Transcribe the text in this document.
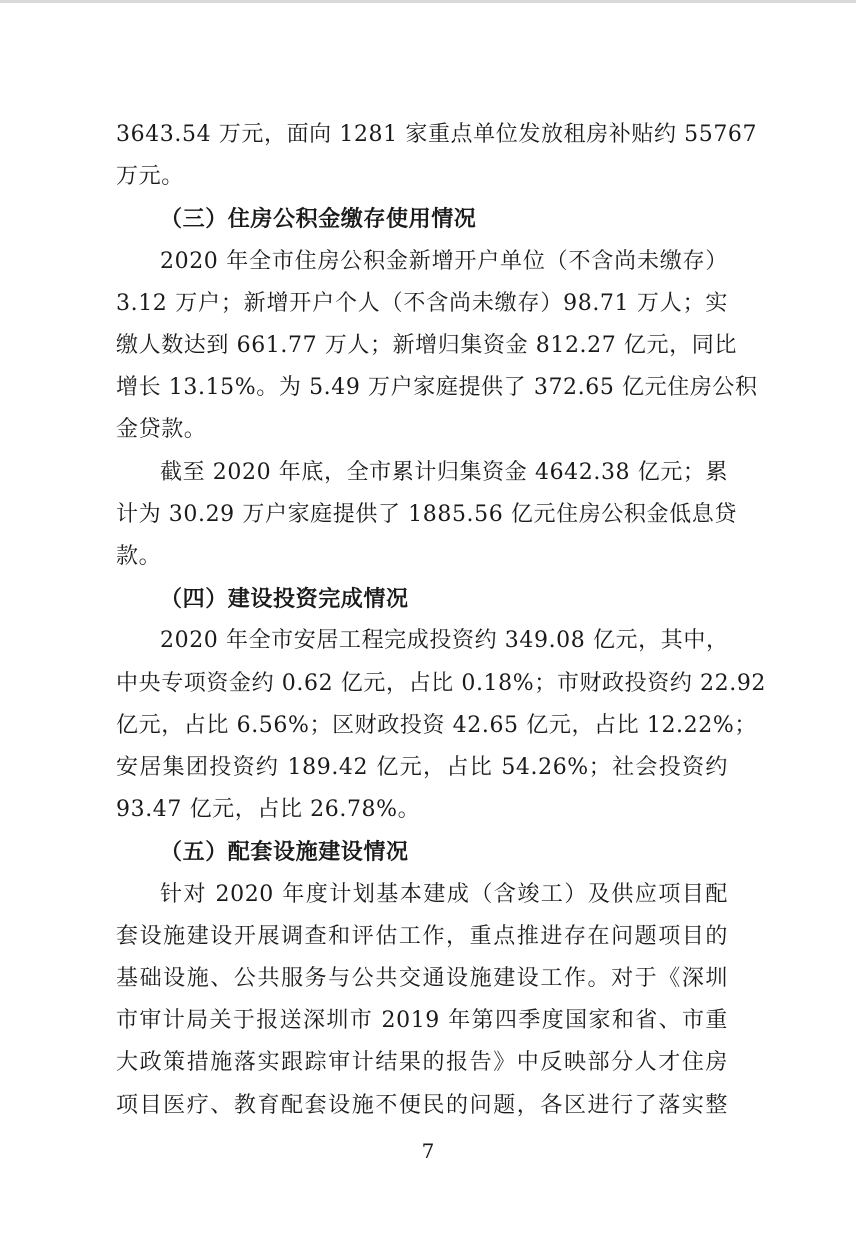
3643.54 万元，面向 1281 家重点单位发放租房补贴约 55767
万元。

（三）住房公积金缴存使用情况

2020 年全市住房公积金新增开户单位（不含尚未缴存）
3.12 万户；新增开户个人（不含尚未缴存）98.71 万人；实
缴人数达到 661.77 万人；新增归集资金 812.27 亿元，同比
增长 13.15%。为 5.49 万户家庭提供了 372.65 亿元住房公积
金贷款。

截至 2020 年底，全市累计归集资金 4642.38 亿元；累
计为 30.29 万户家庭提供了 1885.56 亿元住房公积金低息贷
款。

（四）建设投资完成情况

2020 年全市安居工程完成投资约 349.08 亿元，其中，
中央专项资金约 0.62 亿元，占比 0.18%；市财政投资约 22.92
亿元，占比 6.56%；区财政投资 42.65 亿元，占比 12.22%；
安居集团投资约 189.42 亿元，占比 54.26%；社会投资约
93.47 亿元，占比 26.78%。

（五）配套设施建设情况

针对 2020 年度计划基本建成（含竣工）及供应项目配
套设施建设开展调查和评估工作，重点推进存在问题项目的
基础设施、公共服务与公共交通设施建设工作。对于《深圳
市审计局关于报送深圳市 2019 年第四季度国家和省、市重
大政策措施落实跟踪审计结果的报告》中反映部分人才住房
项目医疗、教育配套设施不便民的问题，各区进行了落实整

7
